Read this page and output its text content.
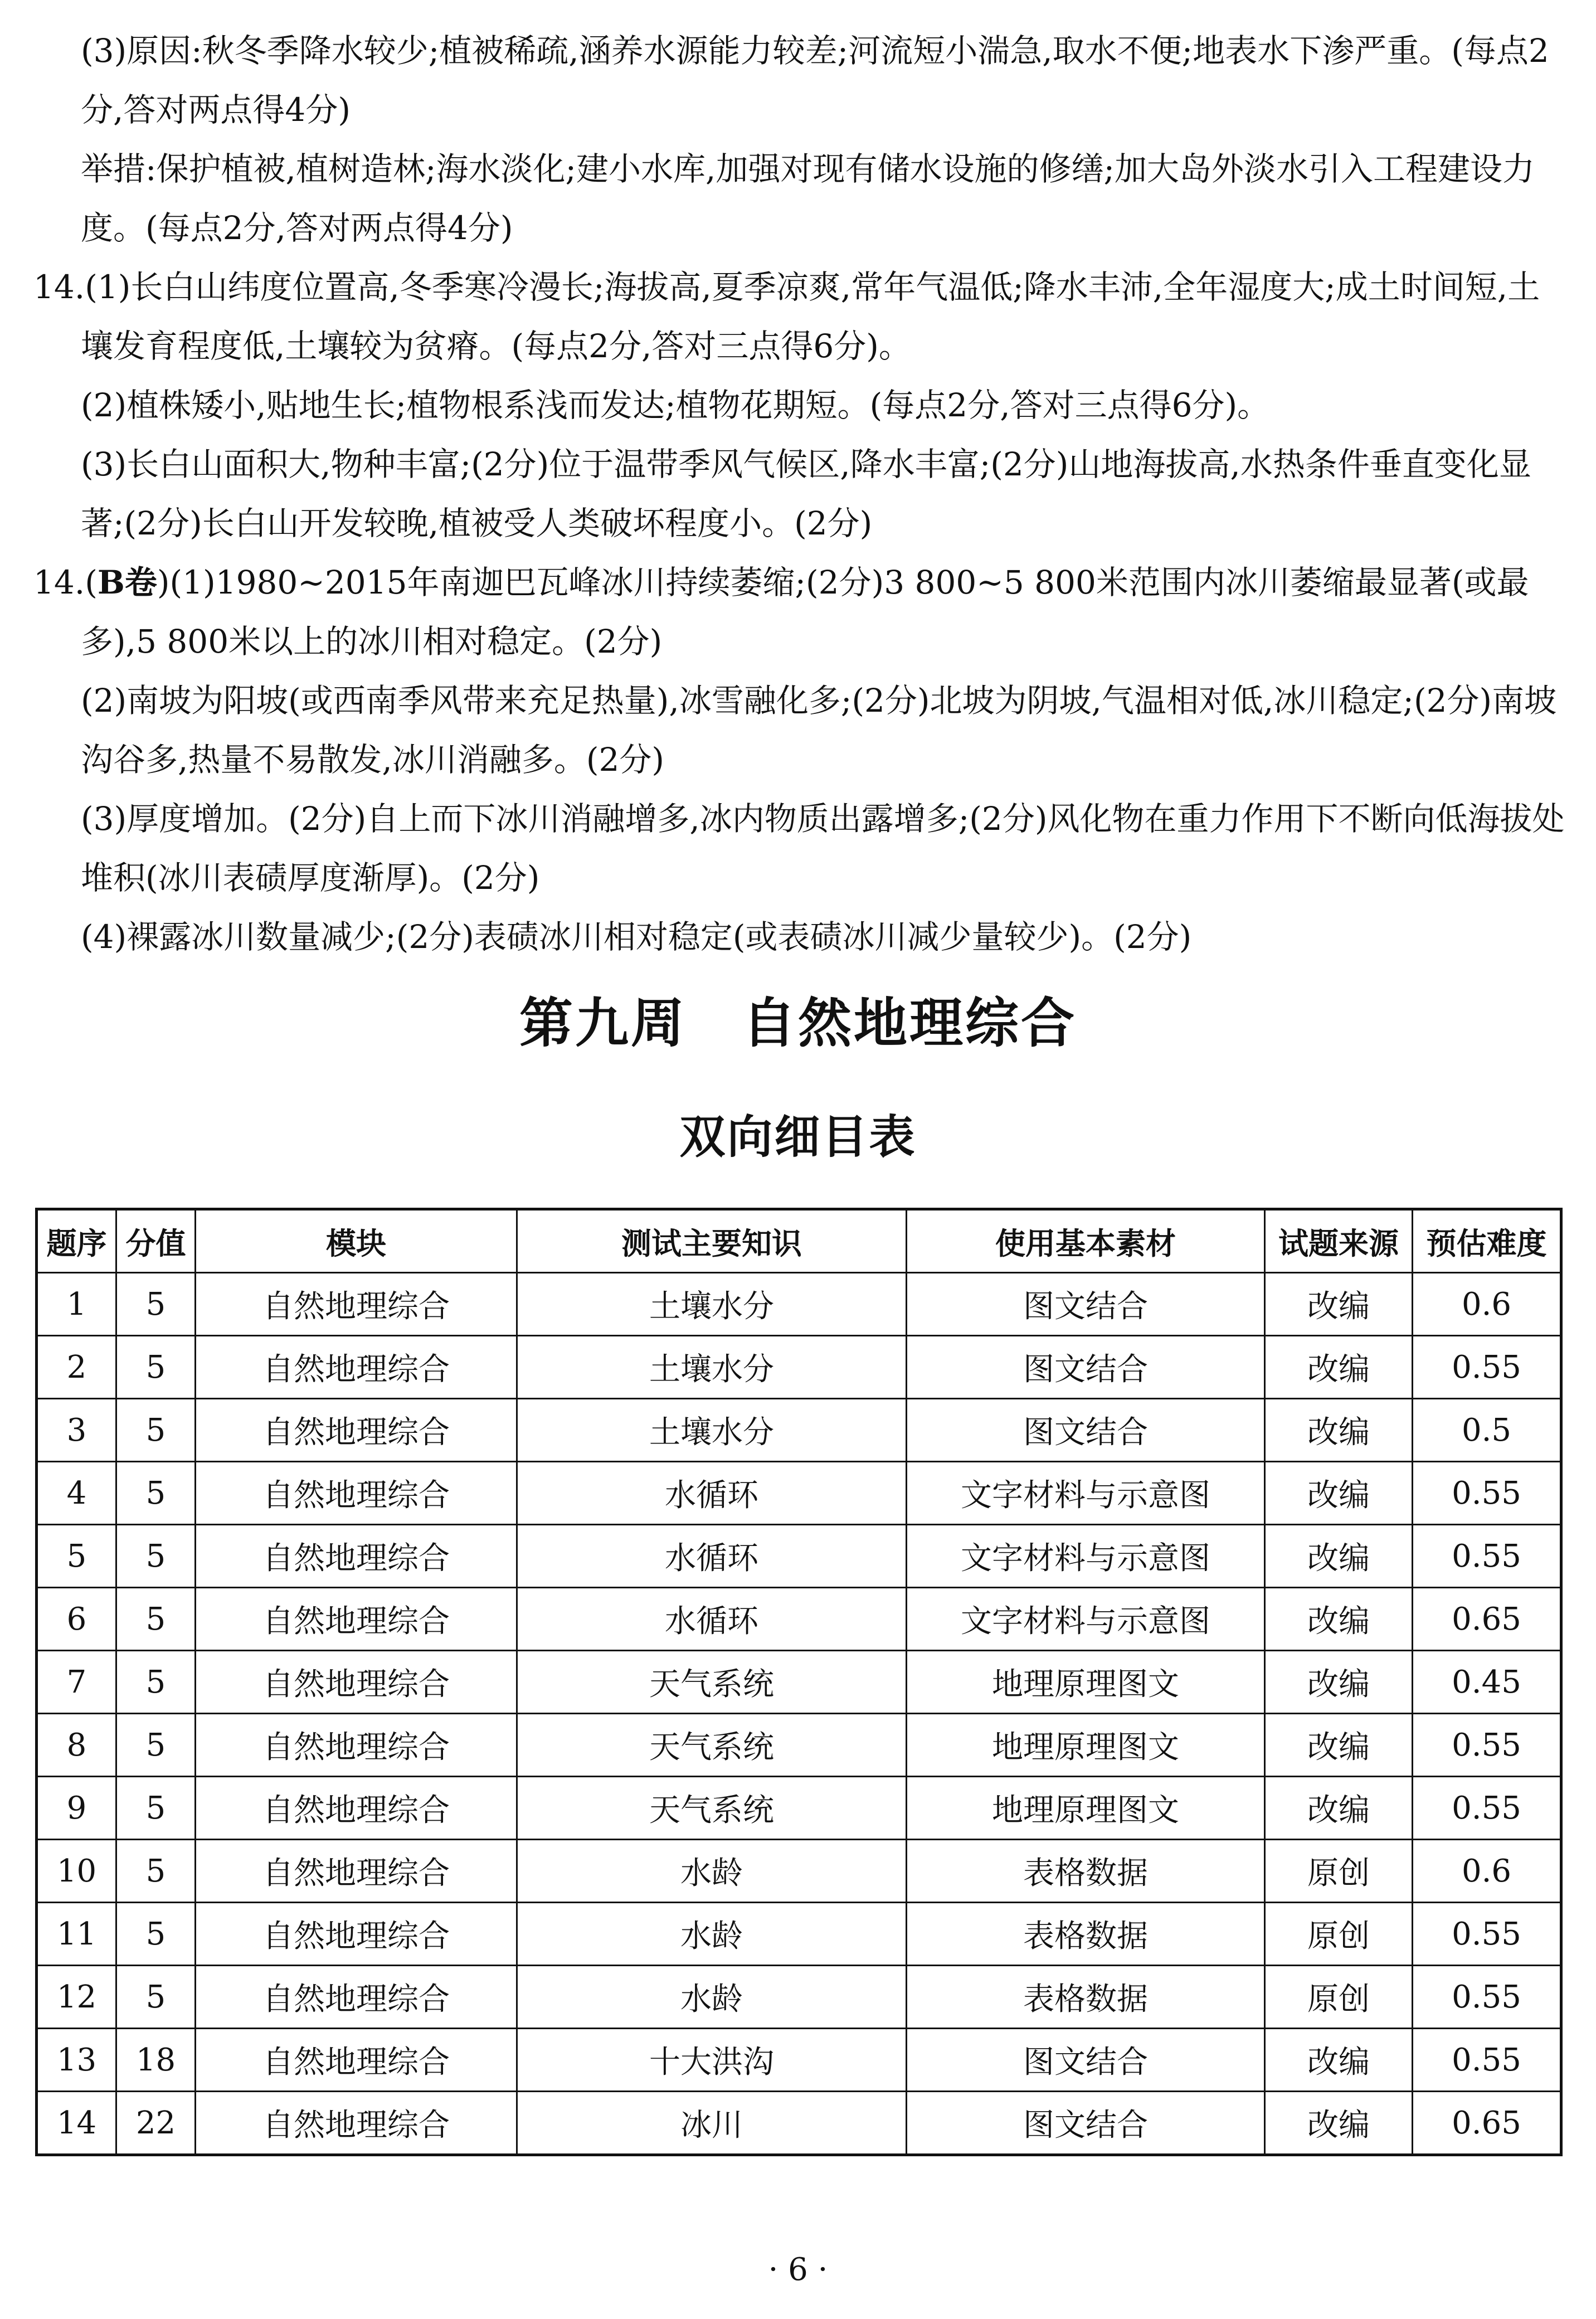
(3)原因:秋冬季降水较少;植被稀疏,涵养水源能力较差;河流短小湍急,取水不便;地表水下渗严重。(每点2分,答对两点得4分)

举措:保护植被,植树造林;海水淡化;建小水库,加强对现有储水设施的修缮;加大岛外淡水引入工程建设力度。(每点2分,答对两点得4分)

14.(1)长白山纬度位置高,冬季寒冷漫长;海拔高,夏季凉爽,常年气温低;降水丰沛,全年湿度大;成土时间短,土壤发育程度低,土壤较为贫瘠。(每点2分,答对三点得6分)。

(2)植株矮小,贴地生长;植物根系浅而发达;植物花期短。(每点2分,答对三点得6分)。

(3)长白山面积大,物种丰富;(2分)位于温带季风气候区,降水丰富;(2分)山地海拔高,水热条件垂直变化显著;(2分)长白山开发较晚,植被受人类破坏程度小。(2分)

14.(B卷)(1)1980~2015年南迦巴瓦峰冰川持续萎缩;(2分)3 800~5 800米范围内冰川萎缩最显著(或最多),5 800米以上的冰川相对稳定。(2分)

(2)南坡为阳坡(或西南季风带来充足热量),冰雪融化多;(2分)北坡为阴坡,气温相对低,冰川稳定;(2分)南坡沟谷多,热量不易散发,冰川消融多。(2分)

(3)厚度增加。(2分)自上而下冰川消融增多,冰内物质出露增多;(2分)风化物在重力作用下不断向低海拔处堆积(冰川表碛厚度渐厚)。(2分)

(4)裸露冰川数量减少;(2分)表碛冰川相对稳定(或表碛冰川减少量较少)。(2分)

第九周　自然地理综合
双向细目表
题序	分值	模块	测试主要知识	使用基本素材	试题来源	预估难度
1	5	自然地理综合	土壤水分	图文结合	改编	0.6
2	5	自然地理综合	土壤水分	图文结合	改编	0.55
3	5	自然地理综合	土壤水分	图文结合	改编	0.5
4	5	自然地理综合	水循环	文字材料与示意图	改编	0.55
5	5	自然地理综合	水循环	文字材料与示意图	改编	0.55
6	5	自然地理综合	水循环	文字材料与示意图	改编	0.65
7	5	自然地理综合	天气系统	地理原理图文	改编	0.45
8	5	自然地理综合	天气系统	地理原理图文	改编	0.55
9	5	自然地理综合	天气系统	地理原理图文	改编	0.55
10	5	自然地理综合	水龄	表格数据	原创	0.6
11	5	自然地理综合	水龄	表格数据	原创	0.55
12	5	自然地理综合	水龄	表格数据	原创	0.55
13	18	自然地理综合	十大洪沟	图文结合	改编	0.55
14	22	自然地理综合	冰川	图文结合	改编	0.65
· 6 ·
